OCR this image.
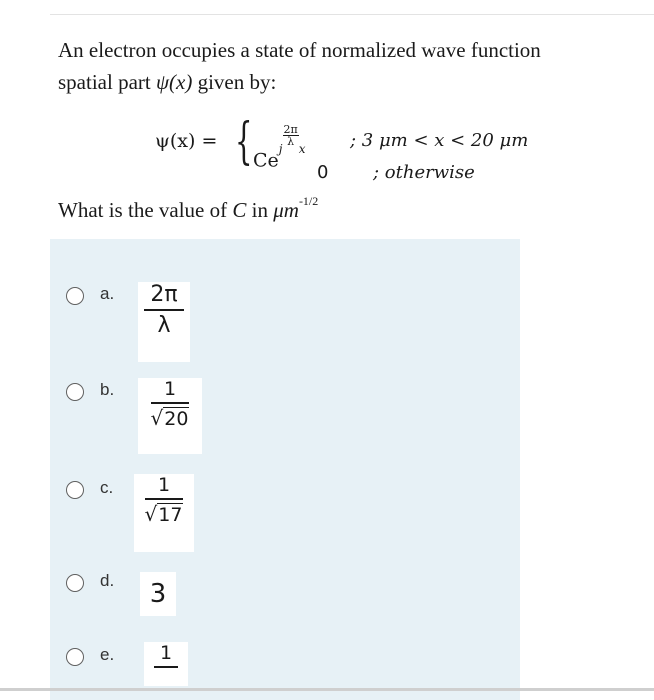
An electron occupies a state of normalized wave function
spatial part ψ(x) given by:
ψ(x) = { $Ce^{j \frac{2\pi}{\lambda} x}$ ; 3 μm < x < 20 μm
0 ; otherwise
What is the value of C in $\mu m^{-1/2}$
a. $\frac{2\pi}{\lambda}$
b. $\frac{1}{√20}$
c. $\frac{1}{√17}$
d.	3
e.	1
